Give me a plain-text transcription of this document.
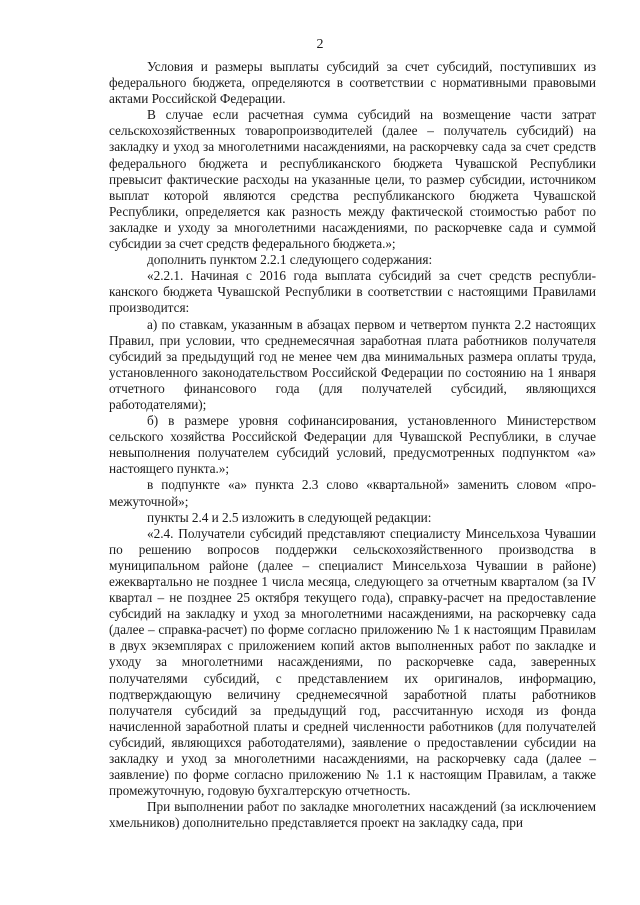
2

Условия и размеры выплаты субсидий за счет субсидий, поступивших из федерального бюджета, определяются в соответствии с нормативными правовыми актами Российской Федерации.

В случае если расчетная сумма субсидий на возмещение части затрат сельскохозяйственных товаропроизводителей (далее – получатель субсидий) на закладку и уход за многолетними насаждениями, на раскорчевку сада за счет средств федерального бюджета и республиканского бюджета Чувашской Республики превысит фактические расходы на указанные цели, то размер субсидии, источником выплат которой являются средства республиканского бюджета Чувашской Республики, определяется как разность между фактической стоимостью работ по закладке и уходу за многолетними насаждениями, по раскорчевке сада и суммой субсидии за счет средств федерального бюджета.»;

дополнить пунктом 2.2.1 следующего содержания:

«2.2.1. Начиная с 2016 года выплата субсидий за счет средств республиканского бюджета Чувашской Республики в соответствии с настоящими Правилами производится:

а) по ставкам, указанным в абзацах первом и четвертом пункта 2.2 настоящих Правил, при условии, что среднемесячная заработная плата работников получателя субсидий за предыдущий год не менее чем два минимальных размера оплаты труда, установленного законодательством Российской Федерации по состоянию на 1 января отчетного финансового года (для получателей субсидий, являющихся работодателями);

б) в размере уровня софинансирования, установленного Министерством сельского хозяйства Российской Федерации для Чувашской Республики, в случае невыполнения получателем субсидий условий, предусмотренных подпунктом «а» настоящего пункта.»;

в подпункте «а» пункта 2.3 слово «квартальной» заменить словом «промежуточной»;

пункты 2.4 и 2.5 изложить в следующей редакции:

«2.4. Получатели субсидий представляют специалисту Минсельхоза Чувашии по решению вопросов поддержки сельскохозяйственного производства в муниципальном районе (далее – специалист Минсельхоза Чувашии в районе) ежеквартально не позднее 1 числа месяца, следующего за отчетным кварталом (за IV квартал – не позднее 25 октября текущего года), справку-расчет на предоставление субсидий на закладку и уход за многолетними насаждениями, на раскорчевку сада (далее – справка-расчет) по форме согласно приложению № 1 к настоящим Правилам в двух экземплярах с приложением копий актов выполненных работ по закладке и уходу за многолетними насаждениями, по раскорчевке сада, заверенных получателями субсидий, с представлением их оригиналов, информацию, подтверждающую величину среднемесячной заработной платы работников получателя субсидий за предыдущий год, рассчитанную исходя из фонда начисленной заработной платы и средней численности работников (для получателей субсидий, являющихся работодателями), заявление о предоставлении субсидии на закладку и уход за многолетними насаждениями, на раскорчевку сада (далее – заявление) по форме согласно приложению № 1.1 к настоящим Правилам, а также промежуточную, годовую бухгалтерскую отчетность.

При выполнении работ по закладке многолетних насаждений (за исключением хмельников) дополнительно представляется проект на закладку сада, при
